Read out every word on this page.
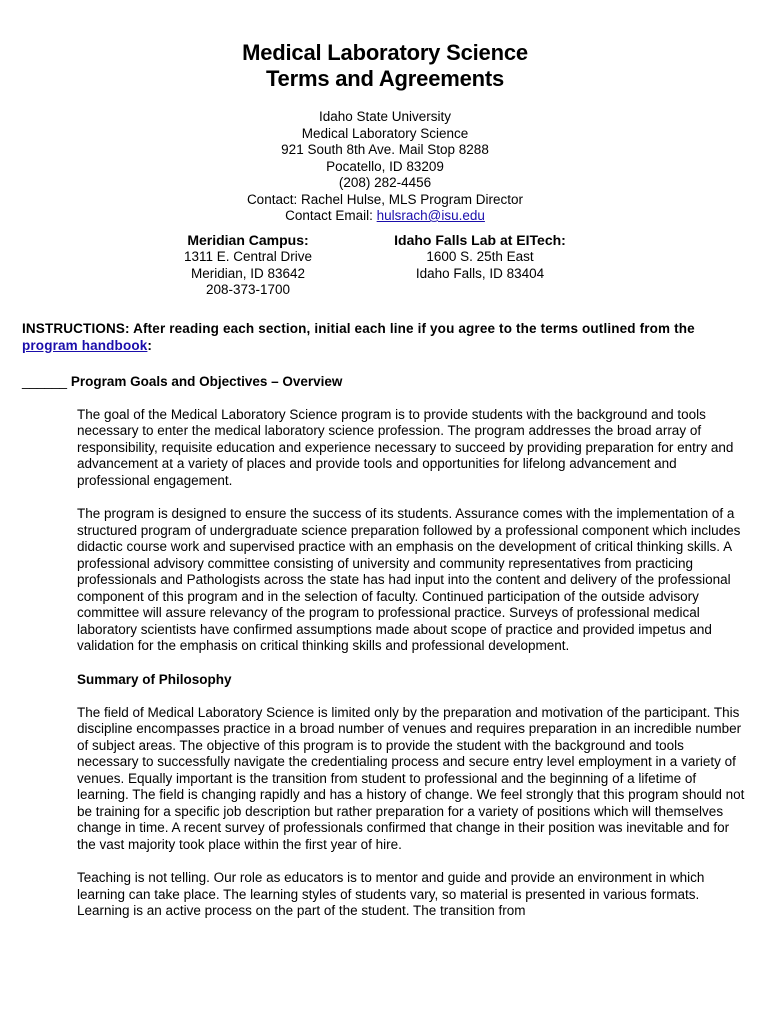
Medical Laboratory Science
Terms and Agreements
Idaho State University
Medical Laboratory Science
921 South 8th Ave. Mail Stop 8288
Pocatello, ID 83209
(208) 282-4456
Contact: Rachel Hulse, MLS Program Director
Contact Email: hulsrach@isu.edu
Meridian Campus:
1311 E. Central Drive
Meridian, ID 83642
208-373-1700
Idaho Falls Lab at EITech:
1600 S. 25th East
Idaho Falls, ID 83404
INSTRUCTIONS: After reading each section, initial each line if you agree to the terms outlined from the program handbook:
______ Program Goals and Objectives – Overview
The goal of the Medical Laboratory Science program is to provide students with the background and tools necessary to enter the medical laboratory science profession. The program addresses the broad array of responsibility, requisite education and experience necessary to succeed by providing preparation for entry and advancement at a variety of places and provide tools and opportunities for lifelong advancement and professional engagement.
The program is designed to ensure the success of its students. Assurance comes with the implementation of a structured program of undergraduate science preparation followed by a professional component which includes didactic course work and supervised practice with an emphasis on the development of critical thinking skills. A professional advisory committee consisting of university and community representatives from practicing professionals and Pathologists across the state has had input into the content and delivery of the professional component of this program and in the selection of faculty. Continued participation of the outside advisory committee will assure relevancy of the program to professional practice. Surveys of professional medical laboratory scientists have confirmed assumptions made about scope of practice and provided impetus and validation for the emphasis on critical thinking skills and professional development.
Summary of Philosophy
The field of Medical Laboratory Science is limited only by the preparation and motivation of the participant. This discipline encompasses practice in a broad number of venues and requires preparation in an incredible number of subject areas. The objective of this program is to provide the student with the background and tools necessary to successfully navigate the credentialing process and secure entry level employment in a variety of venues. Equally important is the transition from student to professional and the beginning of a lifetime of learning. The field is changing rapidly and has a history of change. We feel strongly that this program should not be training for a specific job description but rather preparation for a variety of positions which will themselves change in time. A recent survey of professionals confirmed that change in their position was inevitable and for the vast majority took place within the first year of hire.
Teaching is not telling. Our role as educators is to mentor and guide and provide an environment in which learning can take place. The learning styles of students vary, so material is presented in various formats. Learning is an active process on the part of the student. The transition from
